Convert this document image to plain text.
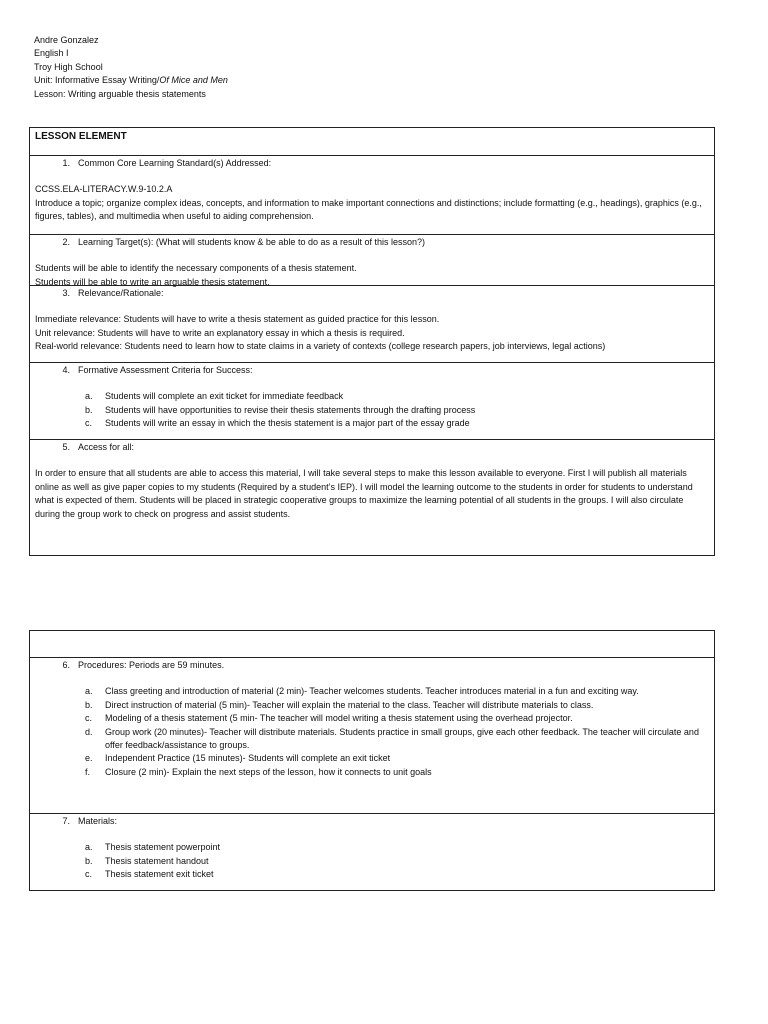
Andre Gonzalez
English I
Troy High School
Unit: Informative Essay Writing/Of Mice and Men
Lesson: Writing arguable thesis statements
LESSON ELEMENT
1. Common Core Learning Standard(s) Addressed:
CCSS.ELA-LITERACY.W.9-10.2.A
Introduce a topic; organize complex ideas, concepts, and information to make important connections and distinctions; include formatting (e.g., headings), graphics (e.g., figures, tables), and multimedia when useful to aiding comprehension.
2. Learning Target(s): (What will students know & be able to do as a result of this lesson?)
Students will be able to identify the necessary components of a thesis statement.
Students will be able to write an arguable thesis statement.
3. Relevance/Rationale:
Immediate relevance: Students will have to write a thesis statement as guided practice for this lesson.
Unit relevance: Students will have to write an explanatory essay in which a thesis is required.
Real-world relevance: Students need to learn how to state claims in a variety of contexts (college research papers, job interviews, legal actions)
4. Formative Assessment Criteria for Success:
a.	Students will complete an exit ticket for immediate feedback
b.	Students will have opportunities to revise their thesis statements through the drafting process
c.	Students will write an essay in which the thesis statement is a major part of the essay grade
5. Access for all:
In order to ensure that all students are able to access this material, I will take several steps to make this lesson available to everyone. First I will publish all materials online as well as give paper copies to my students (Required by a student’s IEP). I will model the learning outcome to the students in order for students to understand what is expected of them. Students will be placed in strategic cooperative groups to maximize the learning potential of all students in the groups. I will also circulate during the group work to check on progress and assist students.
6. Procedures: Periods are 59 minutes.
a.	Class greeting and introduction of material (2 min)- Teacher welcomes students. Teacher introduces material in a fun and exciting way.
b.	Direct instruction of material (5 min)- Teacher will explain the material to the class. Teacher will distribute materials to class.
c.	Modeling of a thesis statement (5 min- The teacher will model writing a thesis statement using the overhead projector.
d.	Group work (20 minutes)- Teacher will distribute materials. Students practice in small groups, give each other feedback. The teacher will circulate and offer feedback/assistance to groups.
e.	Independent Practice (15 minutes)- Students will complete an exit ticket
f.	Closure (2 min)- Explain the next steps of the lesson, how it connects to unit goals
7. Materials:
a.	Thesis statement powerpoint
b.	Thesis statement handout
c.	Thesis statement exit ticket
